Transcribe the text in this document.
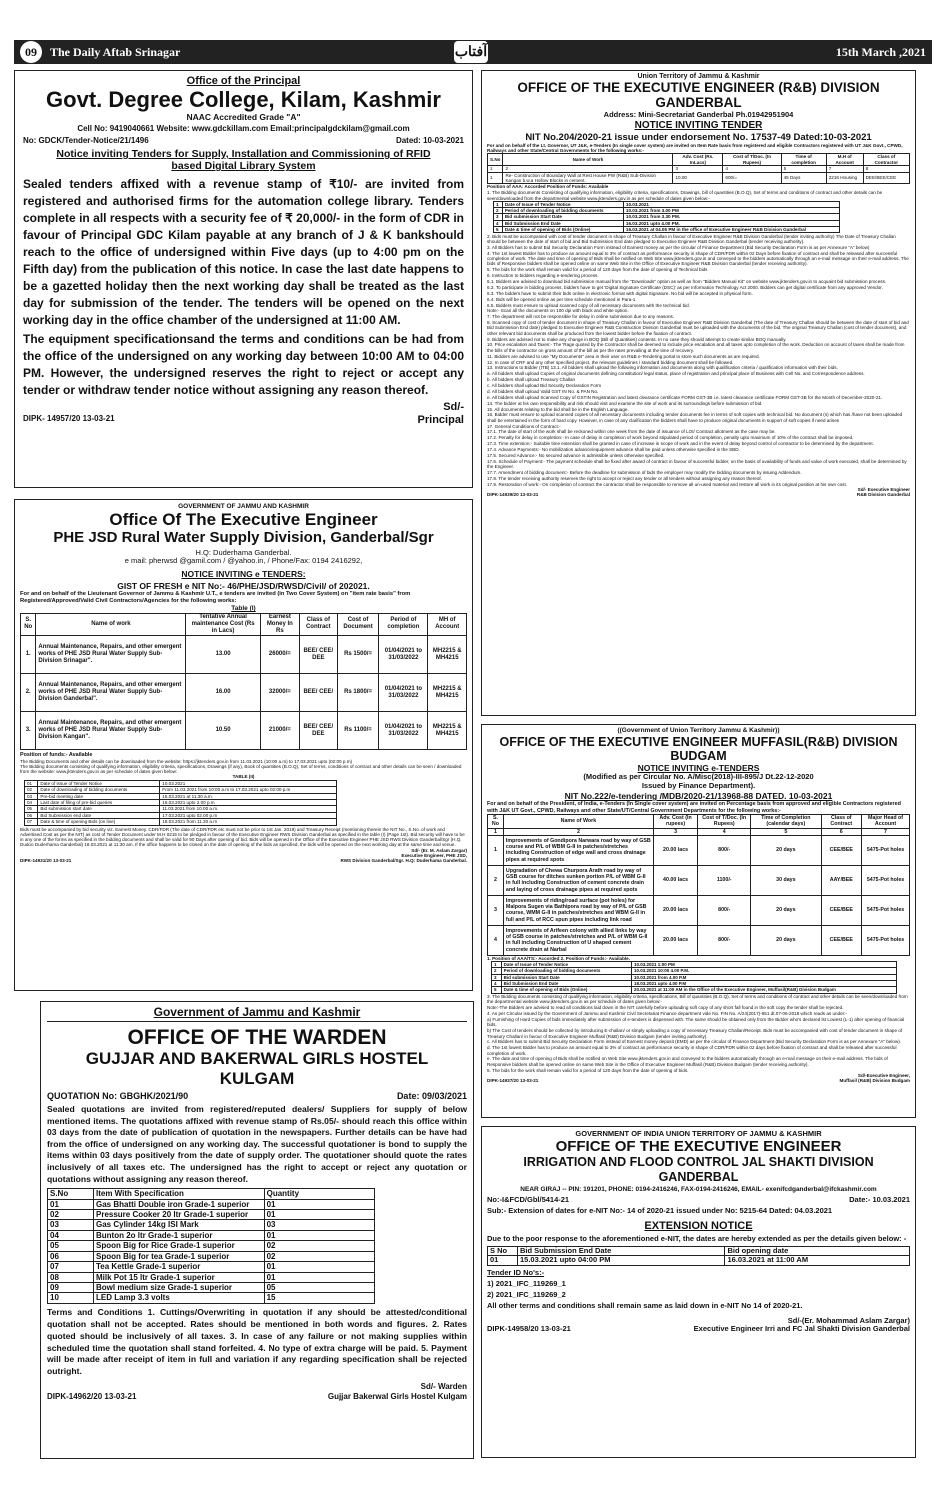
09	The Daily Aftab Srinagar	آفتاب	15th March ,2021
Office of the Principal
Govt. Degree College, Kilam, Kashmir
NAAC Accredited Grade "A"
Cell No: 9419040661 Website: www.gdckillam.com Email:principalgdckilam@gmail.com
No: GDCK/Tender-Notice/21/1496	Dated: 10-03-2021
Notice inviting Tenders for Supply, Installation and Commissioning of RFID
based Digital Library System

Sealed tenders affixed with a revenue stamp of ₹10/- are invited from registered and authorised firms for the automation college library. Tenders complete in all respects with a security fee of ₹ 20,000/- in the form of CDR in favour of Principal GDC Kilam payable at any branch of J & K bankshould reach to the office of undersigned within Five days (up to 4:00 pm on the Fifth day) from the publication of this notice. In case the last date happens to be a gazetted holiday then the next working day shall be treated as the last day for submission of the tender. The tenders will be opened on the next working day in the office chamber of the undersigned at 11:00 AM.

The equipment specificationsand the terms and conditions can be had from the office of the undersigned on any working day between 10:00 AM to 04:00 PM. However, the undersigned reserves the right to reject or accept any tender or withdraw tender notice without assigning any reason thereof.

Sd/-
DIPK- 14957/20 13-03-21	Principal
GOVERNMENT OF JAMMU AND KASHMIR
Office Of The Executive Engineer
PHE JSD Rural Water Supply Division, Ganderbal/Sgr
H.Q: Duderhama Ganderbal.
e mail: pherwsd @gamil.com / @yahoo.in, / Phone/Fax: 0194 2416292,
NOTICE INVITING e TENDERS:
GIST OF FRESH e NIT No:- 46/PHE/JSD/RWSD/Civil/ of 202021.
For and on behalf of the Lieutenant Governor of Jammu & Kashmir U.T., e tenders are invited (in Two Cover System) on "item rate basis" from Registered/Approved/Valid Civil Contractors/Agencies for the following works:
Table (I)
S. No	Name of work	Tentative Annual maintenance Cost (Rs in Lacs)	Earnest Money In Rs	Class of Contract	Cost of Document	Period of completion	MH of Account
1.	Annual Maintenance, Repairs, and other emergent works of PHE JSD Rural Water Supply Sub-Division Srinagar".	13.00	26000/=	BEE/ CEE/ DEE	Rs 1500/=	01/04/2021 to 31/03/2022	MH2215 & MH4215
2.	Annual Maintenance, Repairs, and other emergent works of PHE JSD Rural Water Supply Sub-Division Ganderbal".	16.00	32000/=	BEE/ CEE/	Rs 1800/=	01/04/2021 to 31/03/2022	MH2215 & MH4215
3.	Annual Maintenance, Repairs, and other emergent works of PHE JSD Rural Water Supply Sub-Division Kangan".	10.50	21000/=	BEE/ CEE/ DEE	Rs 1100/=	01/04/2021 to 31/03/2022	MH2215 & MH4215
Position of funds:- Available
The Bidding Documents and other details can be downloaded from the website: https://jktenders.gov.in from 11.03.2021 (10:00 a.m) to 17.03.2021 upto (02:00 p.m)
The Bidding documents consisting of qualifying information, eligibility criteria, specifications, Drawings (if any), Book of quantities (B.O.Q), Set of terms, conditions of contract and other details can be seen / downloaded from the website: www.jktenders.gov.in as per schedule of dates given below:
TABLE (II)
01	Date of issue of Tender Notice	10.03.2021
02	Date of downloading of bidding documents	From 11.03.2021 from 10:00 a.m to 17.03.2021 upto 02:00 p.m
03	Pre-bid meeting date	15.03.2021 at 11.30 a.m.
04	Last date of filing of pre-bid queries	16.03.2021 upto 2.00 p.m
05	Bid submission start date	11.03.2021 from 10.00 a.m.
06	Bid Submission end date	17.03.2021 upto 02.00 p.m
07	Date & time of opening Bids (on line)	18.03.2021 from 11.30 a.m
Bids must be accompanied by bid security viz. Earnest Money. CDR/FDR (The date of CDR/FDR etc must not be prior to 1st Jan. 2019) and Treasury Receipt (mentioning therein the NIT No., S.No. of work and Advertised Cost as per the NIT) as cost of Tender Document under M.H 0215 to be pledged in favour of the Executive Engineer RWS Division Ganderbal as specified in the table (I) (Page 1st). Bid security will have to be in any one of the forms as specified in the bidding documents and shall be valid for 90 Days after opening of bid. Bids will be opened in the Office of the Executive Engineer PHE JSD RWS Division Ganderbal/Sgr (H.Q. Dudoo Duderhama Ganderbal) 18.03.2021 at 11:30 am. If the office happens to be closed on the date of opening of the bids as specified, the bids will be opened on the next working day at the same time and venue.
Sd/- (Er. M. Aslam Zargar)
Executive Engineer, PHE JSD,
DIPK-14931/20 13-03-21	RWS Division Ganderbal/Sgr. H.Q: Duderhama Ganderbal.
Government of Jammu and Kashmir
OFFICE OF THE WARDEN
GUJJAR AND BAKERWAL GIRLS HOSTEL KULGAM
QUOTATION No: GBGHK/2021/90	Date: 09/03/2021

Sealed quotations are invited from registered/reputed dealers/ Suppliers for supply of below mentioned items. The quotations affixed with revenue stamp of Rs.05/- should reach this office within 03 days from the date of publication of quotation in the newspapers. Further details can be have had from the office of undersigned on any working day. The successful quotationer is bond to supply the items within 03 days positively from the date of supply order. The quotationer should quote the rates inclusively of all taxes etc. The undersigned has the right to accept or reject any quotation or quotations without assigning any reason thereof.

S.No	Item With Specification	Quantity
01	Gas Bhatti Double iron Grade-1 superior	01
02	Pressure Cooker 20 ltr Grade-1 superior	01
03	Gas Cylinder 14kg ISI Mark	03
04	Bunton 2o ltr Grade-1 superior	01
05	Spoon Big for Rice Grade-1 superior	02
06	Spoon Big for tea Grade-1 superior	02
07	Tea Kettle Grade-1 superior	01
08	Milk Pot 15 ltr Grade-1 superior	01
09	Bowl medium size Grade-1 superior	05
10	LED Lamp 3.3 volts	15

Terms and Conditions 1. Cuttings/Overwriting in quotation if any should be attested/conditional quotation shall not be accepted. Rates should be mentioned in both words and figures. 2. Rates quoted should be inclusively of all taxes. 3. In case of any failure or not making supplies within scheduled time the quotation shall stand forfeited. 4. No type of extra charge will be paid. 5. Payment will be made after receipt of item in full and variation if any regarding specification shall be rejected outright.

Sd/- Warden
DIPK-14962/20 13-03-21	Gujjar Bakerwal Girls Hostel Kulgam
Union Territory of Jammu & Kashmir
OFFICE OF THE EXECUTIVE ENGINEER (R&B) DIVISION GANDERBAL
Address: Mini-Secretariat Ganderbal Ph.01942951904
NOTICE INVITING TENDER
NIT No.204/2020-21 issue under endorsement No. 17537-49 Dated:10-03-2021
For and on behalf of the Lt. Governor, UT J&K, e-Tenders (In single cover system) are invited on Item Rate basis from registered and eligible Contractors registered with UT J&K Govt., CPWD, Railways and other State/Central Governments for the following works:-
S.No	Name of Work	Adv. Cost (Rs. InLacs)	Cost of T/Doc. (In Rupees)	Time of completion	M.H of Account	Class of Contractor
1	2	3	4	5	7	8
1	Re- Construction of Boundary Wall at Rest House PW (R&B) Sub-Division Kangan b.w.a Hollow Blocks in cement.	10.00	600/=	45 Days	2216 Housing	DEE/BEE/CEE
Position of AAA: Accorded Position of Funds: Available
1. The Bidding documents Consisting of qualifying information, eligibility criteria, specifications, Drawings, bill of quantities (B.O.Q), Set of terms and conditions of contract and other details can be seen/downloaded from the departmental website www.jktenders.gov.in as per schedule of dates given below:-
1	Date of Issue of Tender Notice	10.03.2021
2	Period of downloading of bidding documents	10.03.2021 from 3.00 PM
3	Bid submission Start Date	10.03.2021 from 3.30 PM.
4	Bid Submission End Date	16.03.2021 upto 4.00 PM.
5	Date & time of opening of Bids (Online)	16.03.2021 at 04.05 PM in the office of Executive Engineer R&B Division Ganderbal
2. Bids must be accompanied with cost of tender document in shape of Treasury Challan in favour of Executive Engineer R&B Division Ganderbal (tender inviting authority) The Date of Treasury Challan should be between the date of start of bid and Bid Submission End date pledged to Executive Engineer R&B Division Ganderbal (tender receiving authority).
3. All Bidders has to submit Bid Security Declaration Form instead of Earnest money as per the circular of Finance Department (Bid Security Declaration Form is as per Annexure "A" below)
4. The 1st lowest Bidder has to produce an amount equal to 3% of contract as performance security in shape of CDR/FDR within 02 Days before fixation of contract and shall be released after successful completion of work. The date and time of opening of Bids shall be notified on Web Site www.jktenders.gov.in and conveyed to the bidders automatically through an e-mail message on their e-mail address. The bids of Responsive bidders shall be opened online on same Web Site in the Office of Executive Engineer R&B Division Ganderbal (tender receiving authority).
5. The bids for the work shall remain valid for a period of 120 days from the date of opening of Technical bids
6. Instruction to bidders regarding e-tendering process.
6.1. Bidders are advised to download bid submission manual from the "Downloads" option as well as from "Bidders Manual Kit" on website www.jktenders.gov.in to acquaint bid submission process.
6.2. To participate in bidding process, bidders have to get 'Digital Signature Certificate (DSC)' as per Information Technology Act 2000. Bidders can get digital certificate from any approved Vendor.
6.3. The bidders have to submit their bids online in electronic format with digital Signature. No bid will be accepted in physical form.
6.4. Bids will be opened online as per time schedule mentioned in Para-1.
6.5. Bidders must ensure to upload scanned copy of all necessary documents with the technical bid.
Note:- Scan all the documents on 100 dpi with black and white option.
7. The department will not be responsible for delay in online submission due to any reasons.
8. Scanned copy of cost of tender document in shape of Treasury Challan in favour of Executive Engineer R&B Division Ganderbal (The date of Treasury Challan should be between the date of start of bid and Bid Submission End date) pledged to Executive Engineer R&B Construction Division Ganderbal must be uploaded with the documents of the bid. The original Treasury Challan (cost of tender document), and other relevant bid documents shall be produced from the lowest bidder before the fixation of contract.
9. Bidders are advised not to make any change in BOQ (Bill of Quantities) contents. In no case they should attempt to create similar BOQ manually.
10. Price escalation and Taxes:- The 'Rage quoted by the Contractor shall be deemed to include price escalation and all taxes upto completion of the work. Deduction on account of taxes shall be made from the bills of the contractor on gross amount of the bill as per the rates prevailing at the time of recovery.
11. Bidders are advised to use "My Documents" area in their user on R&B e-Tendering portal to store such documents as are required.
12. In case of CRF and any other specified project, the relevant guidelines / standard bidding document shall be followed.
13. Instructions to Bidder (ITB) 13.1. All bidders shall upload the following information and documents along with qualification criteria / qualification information with their bids.
a. All bidders shall upload Copies of original documents defining constitution/ legal status, place of registration and principal place of Business with Cell No. and Correspondence address.
b. All bidders shall upload Treasury Challan
c. All bidders shall upload Bid Security Declaration Form
d. All bidders shall upload Valid GST IN No. & PAN No.
e. All bidders shall upload Scanned Copy of GSTIN Registration and latest clearance certificate FORM GST-3B i.e. latest clearance certificate FORM GST-3B for the Month of December-2020-21.
14. The bidder at his own responsibility and risk should visit and examine the site of work and its surroundings before submission of bid.
15. All documents relating to the bid shall be in the English Language.
16. Bidder must ensure to upload scanned copies of all necessary documents including tender documents fee in terms of soft copies with technical bid. No document (s) which has /have not been uploaded shall be entertained in the form of hard copy. However, in case of any clarification the bidders shall have to produce original documents in support of soft copies if need arises
17. General Conditions of Contract:-
17.1. The date of start of the work shall be reckoned within one week from the date of issuance of LOI/ Contract allotment as the case may be.
17.2. Penalty for delay in completion:- In case of delay in completion of work beyond stipulated period of completion, penalty upto maximum of 10% of the contract shall be imposed.
17.3. Time extension:- Suitable time extension shall be granted in case of increase in scope of work and in the event of delay beyond control of contractor to be determined by the department.
17.4. Advance Payments:- No mobilization advance/equipment advance shall be paid unless otherwise specified in the SBD.
17.5. Secured Advance:- No secured advance is admissible unless otherwise specified.
17.6. Schedule of Payment:- The payment schedule shall be fixed after award of contract in favour of successful bidder, on the basis of availability of funds and value of work executed, shall be determined by the Engineer.
17.7. Amendment of bidding document:- Before the deadline for submission of bids the employer may modify the bidding documents by issuing Addendum.
17.8. The tender receiving authority reserves the right to accept or reject any tender or all tenders without assigning any reason thereof.
17.9. Restoration of work:- On completion of contract the contractor shall be responsible to remove all un-used material and restore all work in its original position at his own cost.
Sd/- Executive Engineer
DIPK-14939/20 13-03-21	R&B Division Ganderbal
((Government of Union Territory Jammu & Kashmir))
OFFICE OF THE EXECUTIVE ENGINEER MUFFASIL(R&B) DIVISION BUDGAM
NOTICE INVITING e-TENDERS
(Modified as per Circular No. A/Misc(2018)-III-895/J Dt.22-12-2020
Issued by Finance Department).
NIT No.222/e-tendering /MDB/2020-21/13968-88 DATED. 10-03-2021
For and on behalf of the President, of India, e-Tenders (In Single cover system) are invited on Percentage basis from approved and eligible Contractors registered with J&K UT Govt., CPWD, Railways and other State/UT/Central Government Departments for the following works:-
S. No	Name of Work	Adv. Cost (In rupees)	Cost of T/Doc. (In Rupees)	Time of Completion (calendar days)	Class of Contract	Major Head of Account
1	2	3	4	5	6	7
1	Improvements of Gondipora Narwara road by way of GSB course and P/L of WBM G-II in patches/stretches including Construction of edge wall and cross drainage pipes at required spots	20.00 lacs	800/-	20 days	CEE/BEE	5475-Pot holes
2	Upgradation of Chewa Churpora Arath road by way of GSB course for ditches sunken portion P/L of WBM G-II in full including Construction of cement concrete drain and laying of cross drainage pipes at required spots	40.00 lacs	1100/-	30 days	AAY/BEE	5475-Pot holes
3	Improvements of riding/road surface (pot holes) for Malpora Sugen via Bathipora road by way of P/L of GSB course, WMM G-II in patches/stretches and WBM G-II in full and P/L of RCC spun pipes including link road	20.00 lacs	800/-	20 days	CEE/BEE	5475-Pot holes
4	Improvements of Arifeen colony with allied links by way of GSB course in patches/stretches and P/L of WBM G-II in full including Construction of U shaped cement concrete drain at Narbal	20.00 lacs	800/-	20 days	CEE/BEE	5475-Pot holes
1. Position of AAA/TS:- Accorded 2. Position of Funds:- Available.
1	Date of Issue of Tender Notice	10.03.2021 1:00 PM
2	Period of downloading of bidding documents	10.03.2021 10:00 4.00 P.M.
3	Bid submission Start Date	10.03.2021 from 4.00 P.M
4	Bid Submission End Date	18.03.2021 upto 4.00 P.M
5	Date & time of opening of Bids (Online)	20.03.2021 at 11:00 AM in the Office of the Executive Engineer, Muffasil(R&B) Division Budgam
3. The Bidding documents consisting of qualifying information, eligibility criteria, specifications, Bill of quantities (B.O.Q), Set of terms and conditions of contract and other details can be seen/downloaded from the departmental website www.jktenders.gov.in as per schedule of dates given below:-
Note:-The Bidders are advised to read all conditions laid down in the NIT carefully before uploading soft copy of any short fall found in the soft copy the tender shall be rejected.
4. As per Circular issued by the Government of Jammu and Kashmir Civil Secretariat Finance department vide No. FIN No. A/24(2017)-651 dt.07-06-2018 which reads as under:-
a) Furnishing of Hard Copies of bids immediately after submission of e-tenders is dispensed with. The same should be obtained only from the Bidder who's declared lst Lowest (L-1) after opening of financial bids.
b) The Cost of tenders should be collected by introducing E-challan/ or simply uploading a copy of necessary Treasury Challan/Receipt. Bids must be accompanied with cost of tender document in shape of Treasury Challan/ in favour of Executive Engineer Muffasil (R&B) Division Budgam (tender inviting authority).
c. All Bidders has to submit Bid Security Declaration Form instead of Earnest money deposit (EMD) as per the circular of Finance Department (Bid Security Declaration Form is as per Annexure "A" below).
d. The 1st lowest Bidder has to produce an amount equal to 3% of contract as performance security in shape of CDR/FDR within 02 days before fixation of contract and shall be released after successful completion of work.
e. The date and time of opening of Bids shall be notified on Web Site www.jktenders.gov.in and conveyed to the bidders automatically through an e-mail message on their e-mail address. The bids of Responsive bidders shall be opened online on same Web Site in the Office of Executive Engineer Muffasil (R&B) Division Budgam (tender receiving authority).
5. The bids for the work shall remain valid for a period of 120 days from the date of opening of bids.
Sd/-Executive Engineer,
DIPK-14937/20 13-03-21	Muffasil (R&B) Division Budgam
GOVERNMENT OF INDIA UNION TERRITORY OF JAMMU & KASHMIR
OFFICE OF THE EXECUTIVE ENGINEER
IRRIGATION AND FLOOD CONTROL JAL SHAKTI DIVISION GANDERBAL
NEAR GIRAJ -- PIN: 191201, PHONE: 0194-2416246, FAX-0194-2416246, EMAIL- exenifcdganderbal@ifckashmir.com
No:-I&FCD/Gbl/5414-21	Date:- 10.03.2021
Sub:- Extension of dates for e-NIT No:- 14 of 2020-21 issued under No: 5215-64 Dated: 04.03.2021
EXTENSION NOTICE
Due to the poor response to the aforementioned e-NIT, the dates are hereby extended as per the details given below: -
S No	Bid Submission End Date	Bid opening date
01	15.03.2021 upto 04:00 PM	16.03.2021 at 11:00 AM
Tender ID No's:-
1) 2021_IFC_119269_1
2) 2021_IFC_119269_2
All other terms and conditions shall remain same as laid down in e-NIT No 14 of 2020-21.
Sd/-(Er. Mohammad Aslam Zargar)
DIPK-14958/20 13-03-21	Executive Engineer Irri and FC Jal Shakti Division Ganderbal
